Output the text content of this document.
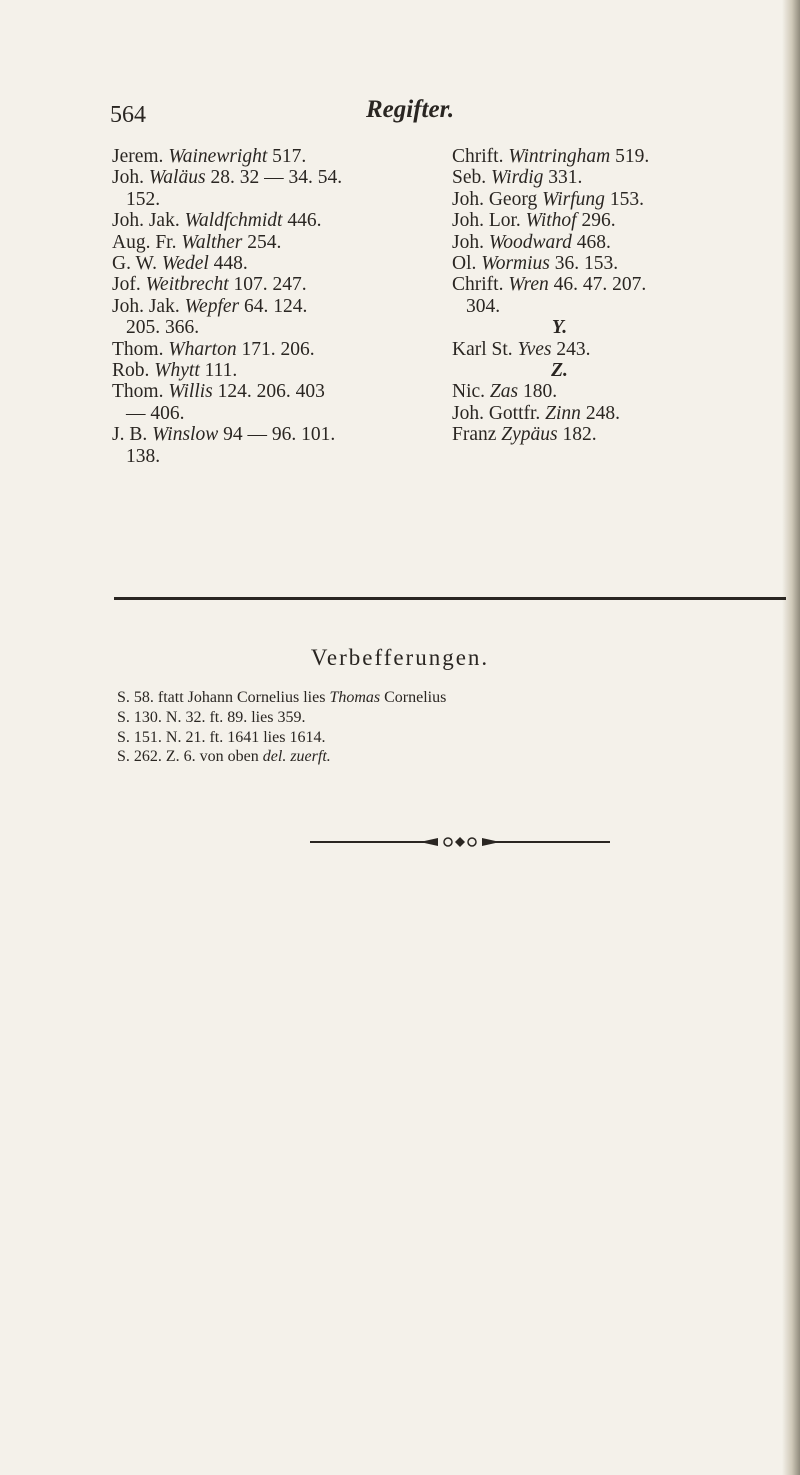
564	Regifter.
Jerem. Wainewright 517.
Joh. Waläus 28. 32 — 34. 54.
152.
Joh. Jak. Waldfchmidt 446.
Aug. Fr. Walther 254.
G. W. Wedel 448.
Jof. Weitbrecht 107. 247.
Joh. Jak. Wepfer 64. 124.
205. 366.
Thom. Wharton 171. 206.
Rob. Whytt 111.
Thom. Willis 124. 206. 403
— 406.
J. B. Winslow 94 — 96. 101.
138.
Chrift. Wintringham 519.
Seb. Wirdig 331.
Joh. Georg Wirfung 153.
Joh. Lor. Withof 296.
Joh. Woodward 468.
Ol. Wormius 36. 153.
Chrift. Wren 46. 47. 207.
304.
Y.
Karl St. Yves 243.
Z.
Nic. Zas 180.
Joh. Gottfr. Zinn 248.
Franz Zypäus 182.
Verbefferungen.
S. 58. ftatt Johann Cornelius lies Thomas Cornelius
S. 130. N. 32. ft. 89. lies 359.
S. 151. N. 21. ft. 1641 lies 1614.
S. 262. Z. 6. von oben del. zuerft.
